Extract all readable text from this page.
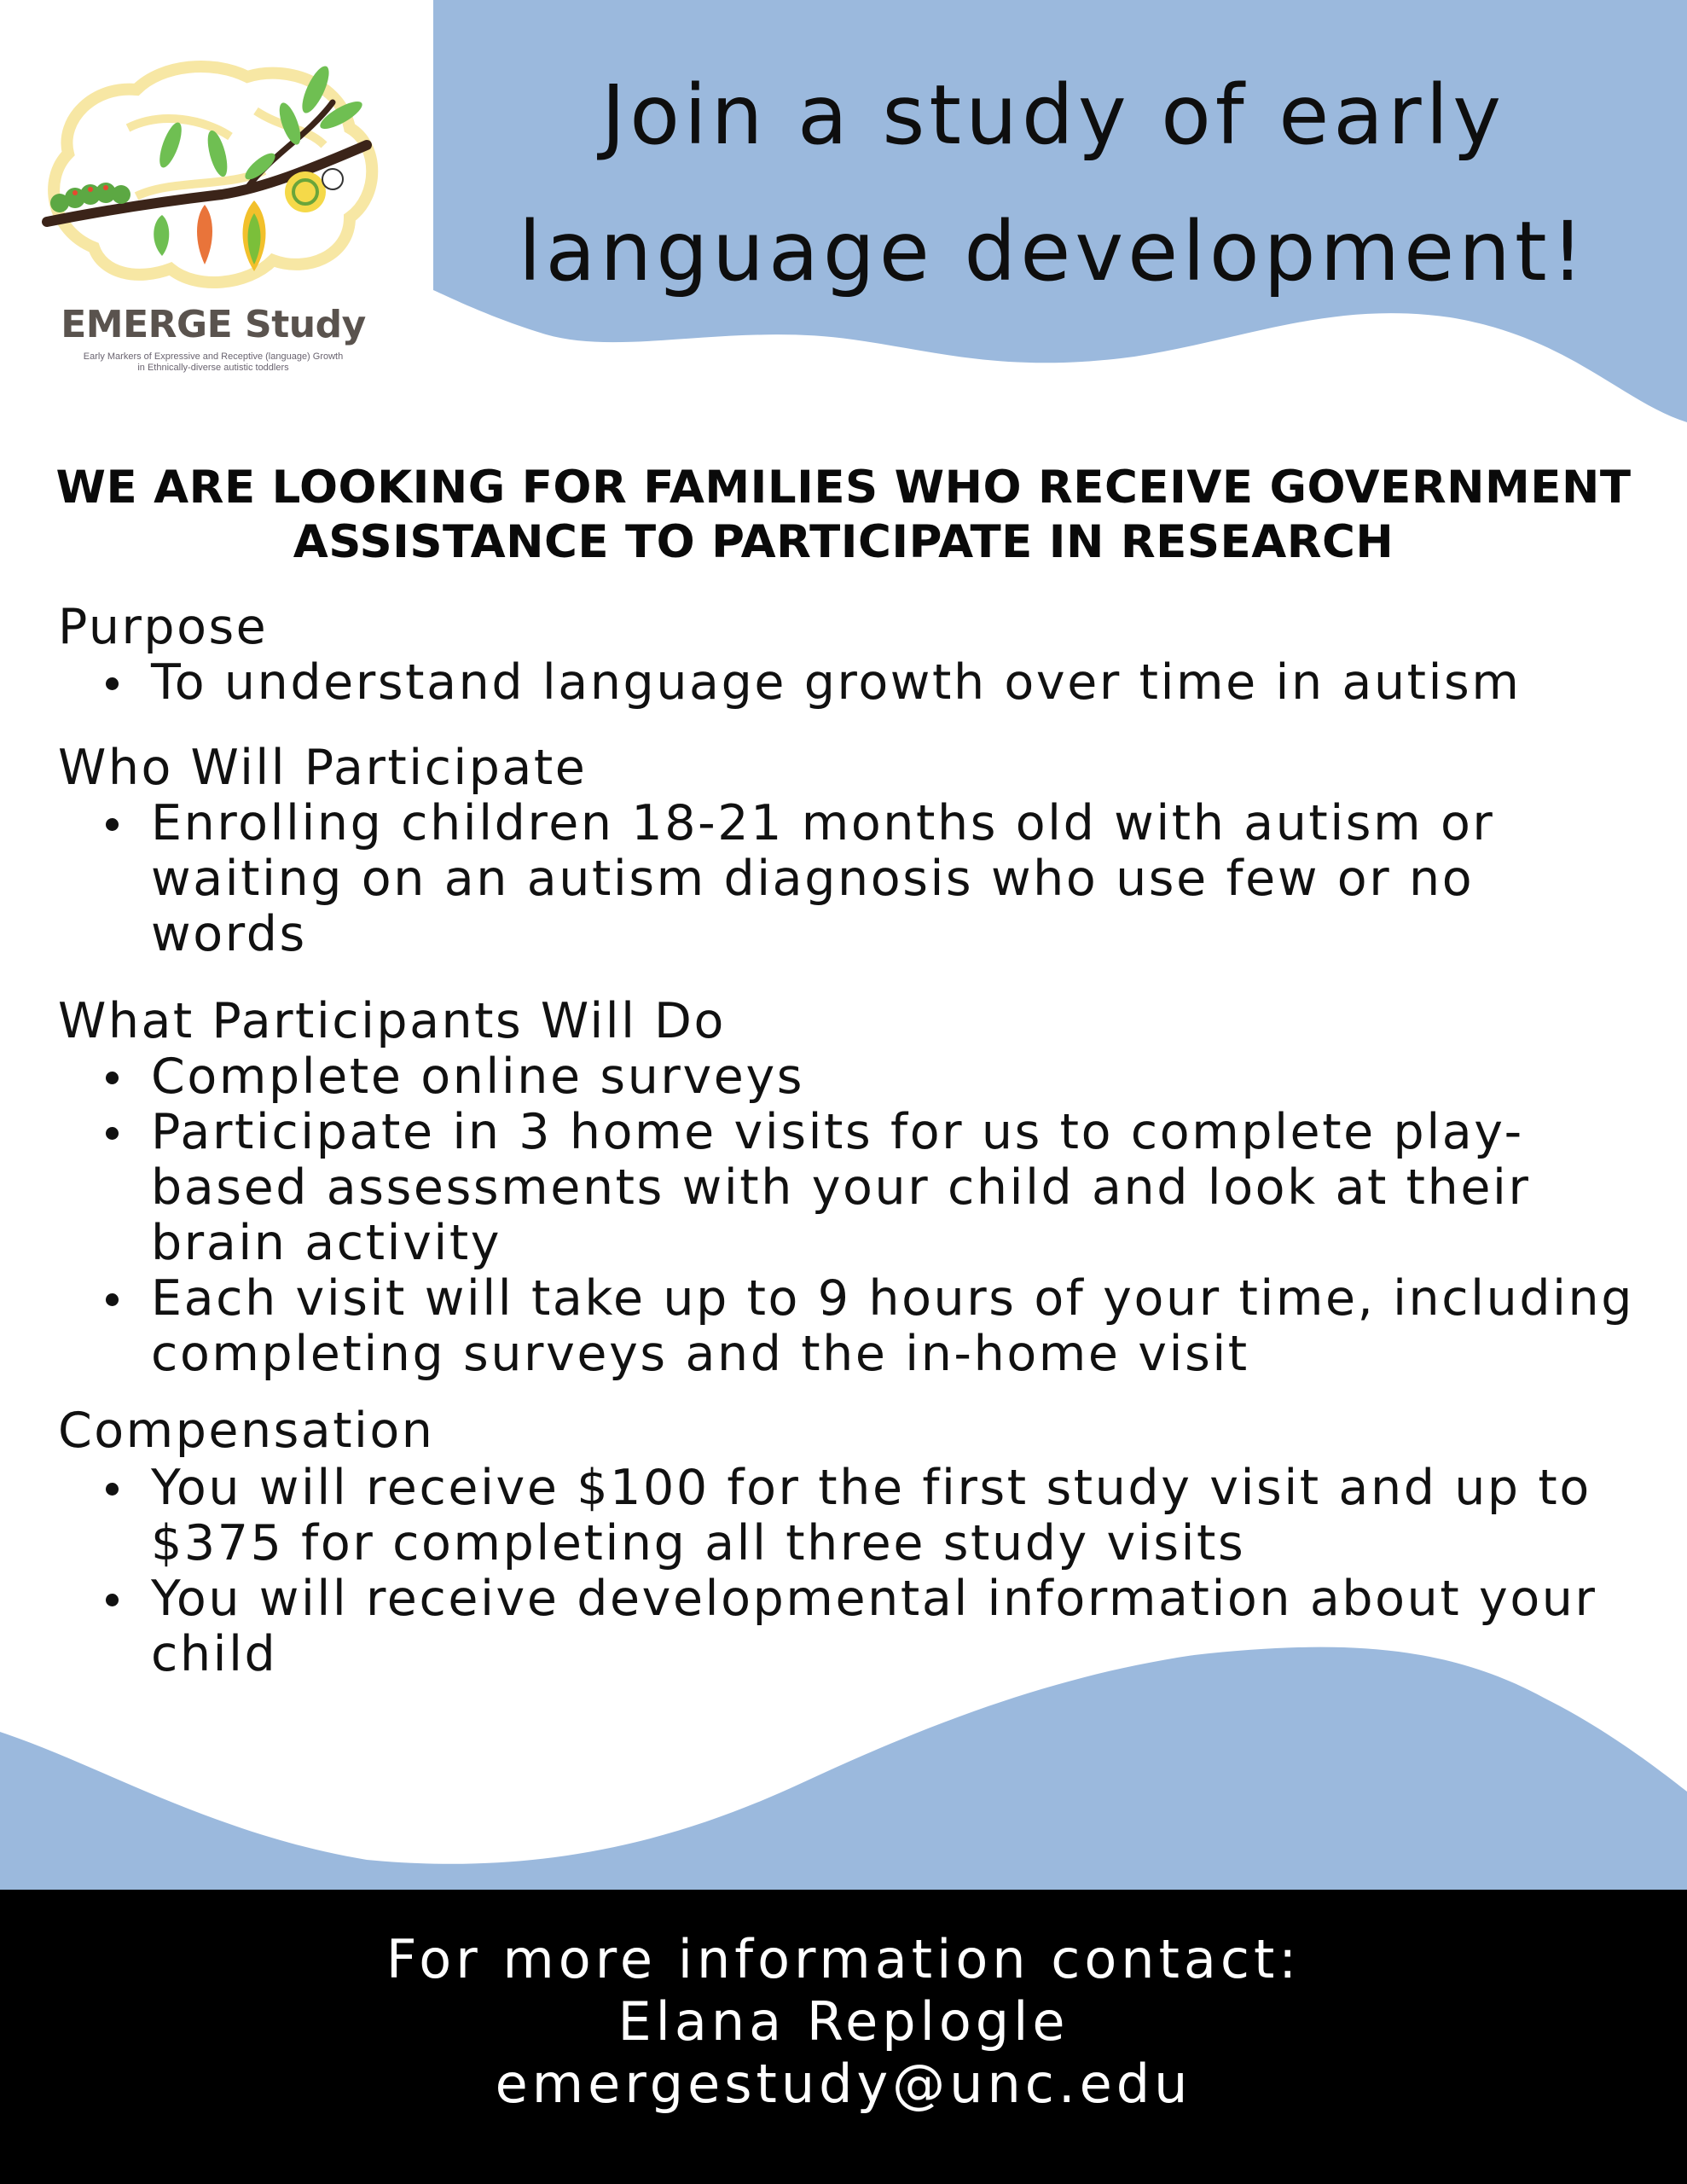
EMERGE Study
Early Markers of Expressive and Receptive (language) Growth
in Ethnically-diverse autistic toddlers
Join a study of early
language development!
WE ARE LOOKING FOR FAMILIES WHO RECEIVE GOVERNMENT
ASSISTANCE TO PARTICIPATE IN RESEARCH
Purpose
To understand language growth over time in autism
Who Will Participate
Enrolling children 18-21 months old with autism or
waiting on an autism diagnosis who use few or no
words
What Participants Will Do
Complete online surveys
Participate in 3 home visits for us to complete play-
based assessments with your child and look at their
brain activity
Each visit will take up to 9 hours of your time, including
completing surveys and the in-home visit
Compensation
You will receive $100 for the first study visit and up to
$375 for completing all three study visits
You will receive developmental information about your
child
For more information contact:
Elana Replogle
emergestudy@unc.edu
